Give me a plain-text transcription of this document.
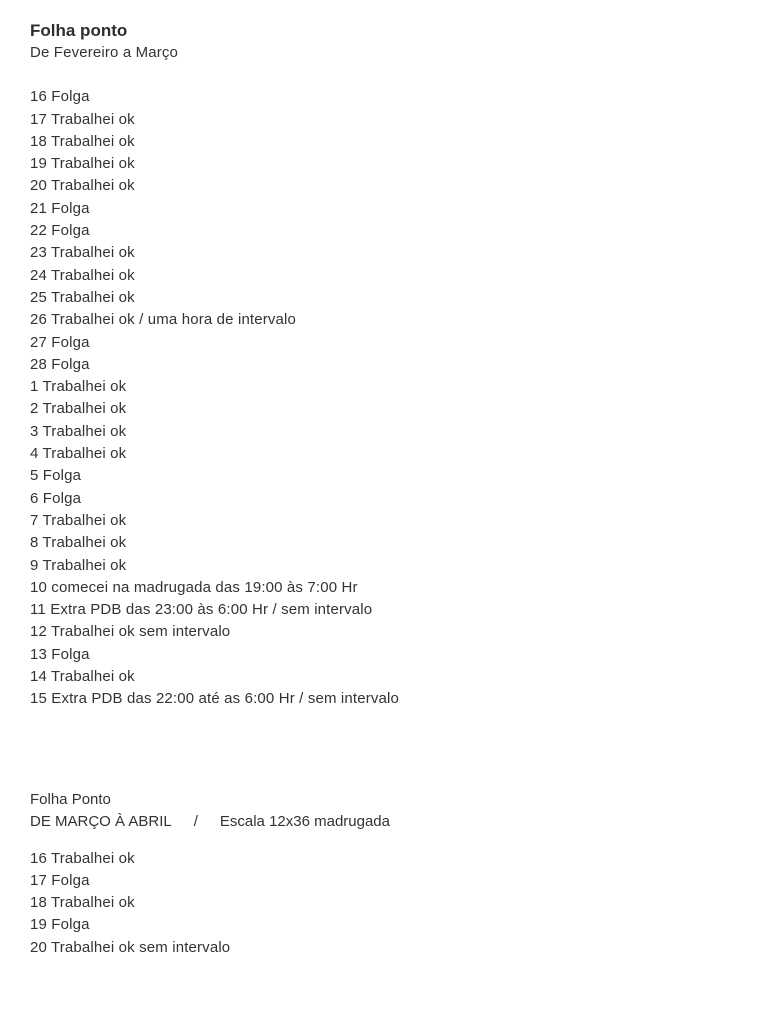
Folha ponto
De Fevereiro a Março
16 Folga
17 Trabalhei ok
18 Trabalhei ok
19 Trabalhei ok
20 Trabalhei ok
21 Folga
22 Folga
23 Trabalhei ok
24 Trabalhei ok
25 Trabalhei ok
26 Trabalhei ok / uma hora de intervalo
27 Folga
28 Folga
1 Trabalhei ok
2 Trabalhei ok
3 Trabalhei ok
4 Trabalhei ok
5 Folga
6 Folga
7 Trabalhei ok
8 Trabalhei ok
9 Trabalhei ok
10 comecei na madrugada das 19:00 às 7:00 Hr
11 Extra PDB das 23:00 às 6:00 Hr / sem intervalo
12 Trabalhei ok sem intervalo
13 Folga
14 Trabalhei ok
15 Extra PDB das 22:00 até as 6:00 Hr / sem intervalo
Folha Ponto
DE MARÇO À ABRIL / Escala 12x36 madrugada
16 Trabalhei ok
17 Folga
18 Trabalhei ok
19 Folga
20 Trabalhei ok sem intervalo
